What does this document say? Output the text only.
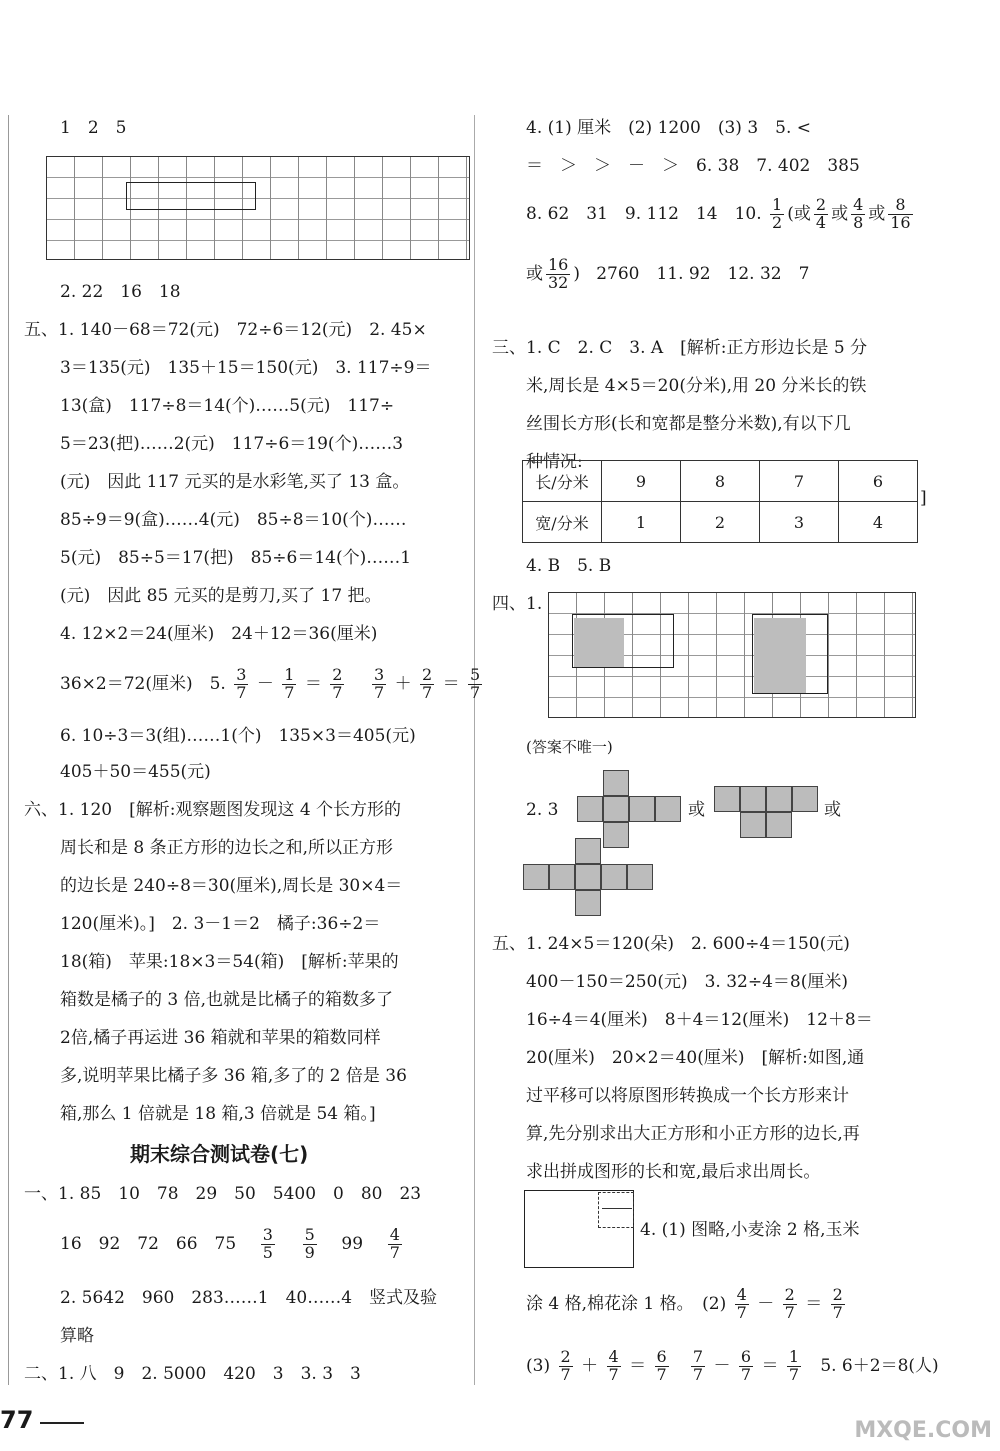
1　2　5
2. 22　16　18
五、1. 140－68＝72(元)　72÷6＝12(元)　2. 45×
3＝135(元)　135＋15＝150(元)　3. 117÷9＝
13(盒)　117÷8＝14(个)……5(元)　117÷
5＝23(把)……2(元)　117÷6＝19(个)……3
(元)　因此 117 元买的是水彩笔,买了 13 盒。
85÷9＝9(盒)……4(元)　85÷8＝10(个)……
5(元)　85÷5＝17(把)　85÷6＝14(个)……1
(元)　因此 85 元买的是剪刀,买了 17 把。
4. 12×2＝24(厘米)　24＋12＝36(厘米)
36×2＝72(厘米)　5. $\frac{3}{7} - \frac{1}{7} = \frac{2}{7}$
$\frac{3}{7} + \frac{2}{7} = \frac{5}{7}$
6. 10÷3＝3(组)……1(个)　135×3＝405(元)
405＋50＝455(元)
六、1. 120　[解析:观察题图发现这 4 个长方形的
周长和是 8 条正方形的边长之和,所以正方形
的边长是 240÷8＝30(厘米),周长是 30×4＝
120(厘米)。]　2. 3－1＝2　橘子:36÷2＝
18(箱)　苹果:18×3＝54(箱)　[解析:苹果的
箱数是橘子的 3 倍,也就是比橘子的箱数多了
2倍,橘子再运进 36 箱就和苹果的箱数同样
多,说明苹果比橘子多 36 箱,多了的 2 倍是 36
箱,那么 1 倍就是 18 箱,3 倍就是 54 箱。]
期末综合测试卷(七)
一、1. 85　10　78　29　50　5400　0　80　23
16　92　72　66　$75 \frac{3}{5}$
$\frac{5}{9} 99 \frac{4}{7}$
2. 5642　960　283……1　40……4　竖式及验
算略
二、1. 八　9　2. 5000　420　3　3. 3　3
77
4. (1) 厘米　(2) 1200　(3) 3　5. <
＝　＞　＞　－　＞　6. 38　7. 402　385
8. 62　31　9. 112　14　10. $\frac{1}{2}$ (或 $\frac{2}{4}$ 或 $\frac{4}{8}$ 或 $\frac{8}{16}$
或 $\frac{16}{32}$ ) 2760　11. 92　12. 32　7
三、1. C　2. C　3. A　[解析:正方形边长是 5 分
米,周长是 4×5＝20(分米),用 20 分米长的铁
丝围长方形(长和宽都是整分米数),有以下几
种情况:
长/分米	9	8	7	6
宽/分米	1	2	3	4
]
4. B　5. B
四、1.
(答案不唯一)
2. 3	或	或
五、1. 24×5＝120(朵)　2. 600÷4＝150(元)
400－150＝250(元)　3. 32÷4＝8(厘米)
16÷4＝4(厘米)　8＋4＝12(厘米)　12＋8＝
20(厘米)　20×2＝40(厘米)　[解析:如图,通
过平移可以将原图形转换成一个长方形来计
算,先分别求出大正方形和小正方形的边长,再
求出拼成图形的长和宽,最后求出周长。
4. (1) 图略,小麦涂 2 格,玉米
涂 4 格,棉花涂 1 格。　$(2) \frac{4}{7} - \frac{2}{7} = \frac{2}{7}$
$(3) \frac{2}{7} + \frac{4}{7} = \frac{6}{7}$
$\frac{7}{7} - \frac{6}{7} = \frac{1}{7} 5$. 6＋2＝8(人)
MXQE.COM
